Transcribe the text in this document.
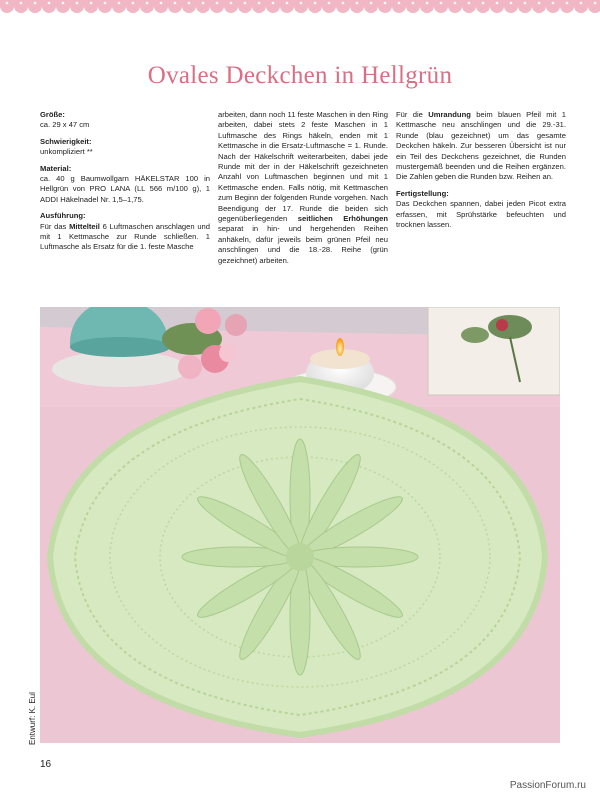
Ovales Deckchen in Hellgrün

Größe:
ca. 29 x 47 cm

Schwierigkeit:
unkompliziert **

Material:
ca. 40 g Baumwollgarn HÄKELSTAR 100 in Hellgrün von PRO LANA (LL 566 m/100 g), 1 ADDI Häkelnadel Nr. 1,5–1,75.

Ausführung:
Für das Mittelteil 6 Luftmaschen anschlagen und mit 1 Kettmasche zur Runde schließen. 1 Luftmasche als Ersatz für die 1. feste Masche

arbeiten, dann noch 11 feste Maschen in den Ring arbeiten, dabei stets 2 feste Maschen in 1 Luftmasche des Rings häkeln, enden mit 1 Kettmasche in die Ersatz-Luftmasche = 1. Runde. Nach der Häkelschrift weiterarbeiten, dabei jede Runde mit der in der Häkelschrift gezeichneten Anzahl von Luftmaschen beginnen und mit 1 Kettmasche enden. Falls nötig, mit Kettmaschen zum Beginn der folgenden Runde vorgehen. Nach Beendigung der 17. Runde die beiden sich gegenüberliegenden seitlichen Erhöhungen separat in hin- und hergehenden Reihen anhäkeln, dafür jeweils beim grünen Pfeil neu anschlingen und die 18.-28. Reihe (grün gezeichnet) arbeiten.

Für die Umrandung beim blauen Pfeil mit 1 Kettmasche neu anschlingen und die 29.-31. Runde (blau gezeichnet) um das gesamte Deckchen häkeln. Zur besseren Übersicht ist nur ein Teil des Deckchens gezeichnet, die Runden mustergemäß beenden und die Reihen ergänzen. Die Zahlen geben die Runden bzw. Reihen an.

Fertigstellung:
Das Deckchen spannen, dabei jeden Picot extra erfassen, mit Sprühstärke befeuchten und trocknen lassen.

Entwurf: K. Eul
16
PassionForum.ru
